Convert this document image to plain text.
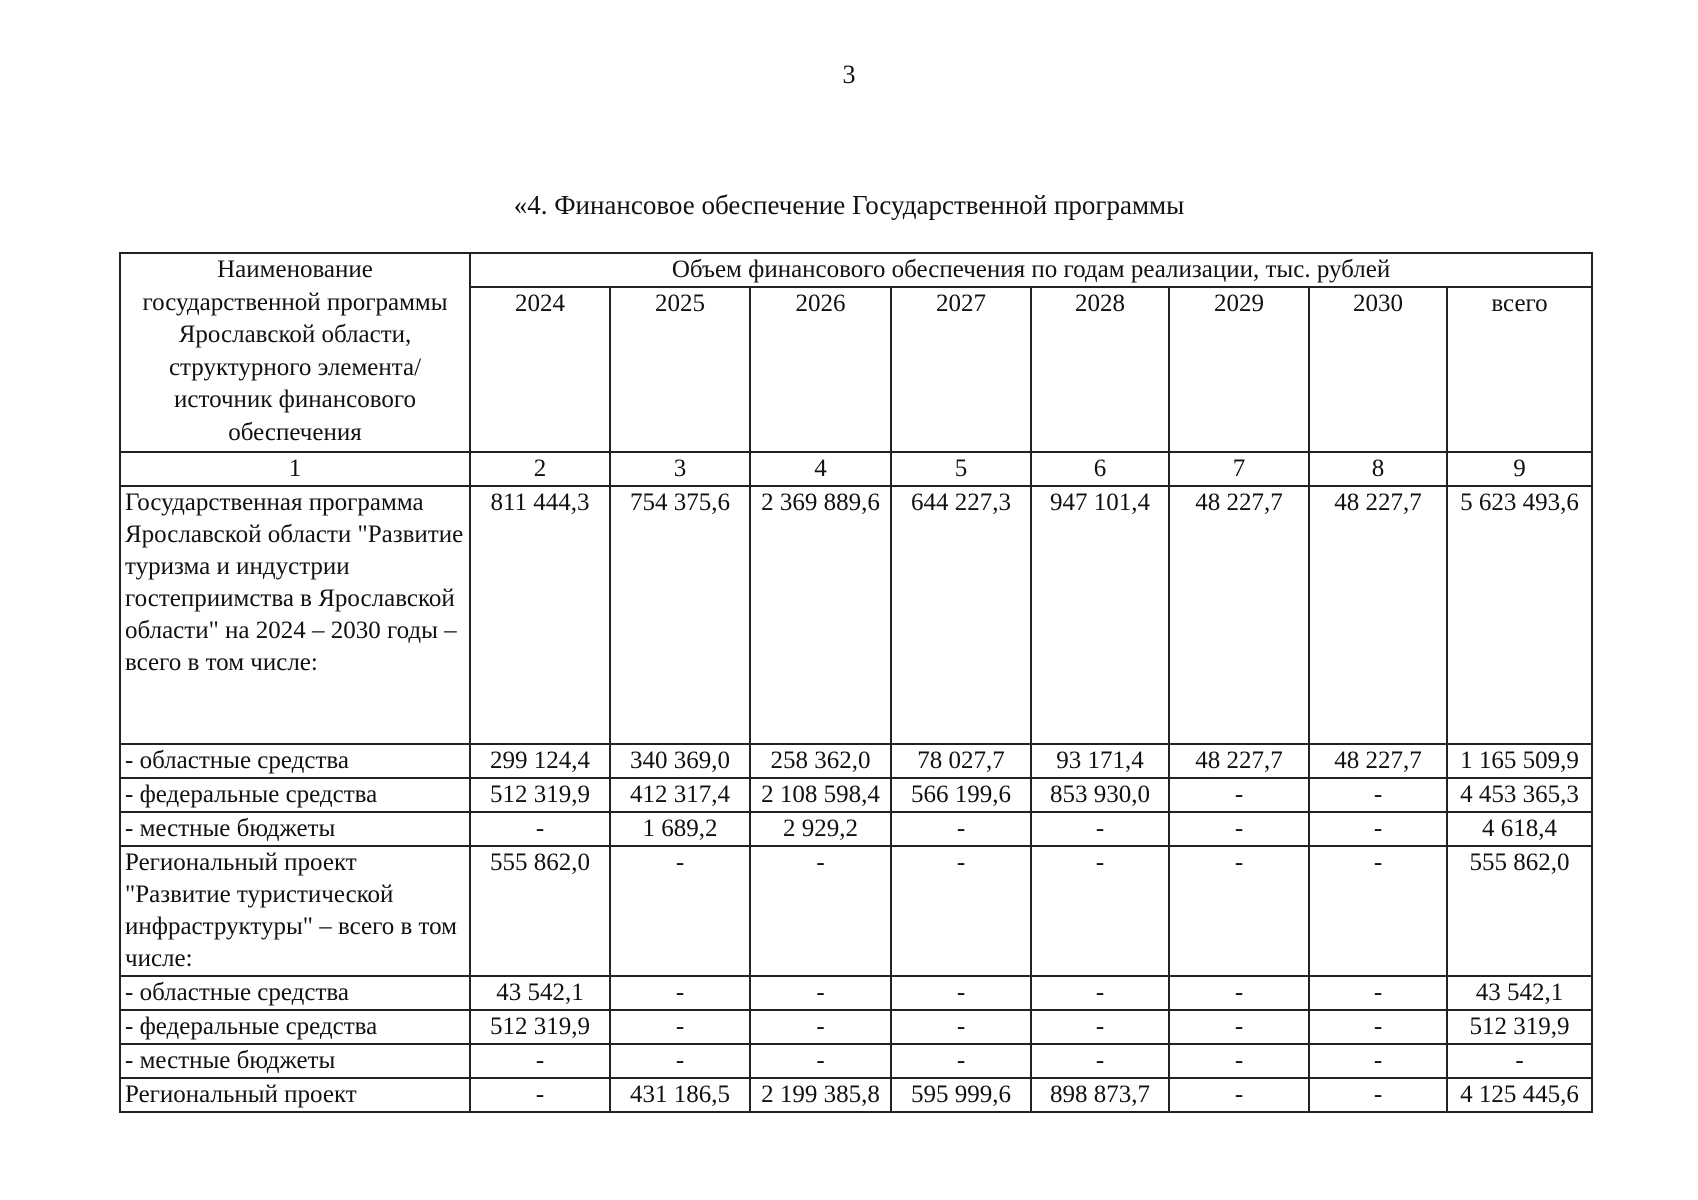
3
«4. Финансовое обеспечение Государственной программы
Наименование государственной программы Ярославской области, структурного элемента/ источник финансового обеспечения	Объем финансового обеспечения по годам реализации, тыс. рублей							
	2024	2025	2026	2027	2028	2029	2030	всего
1	2	3	4	5	6	7	8	9
Государственная программа Ярославской области "Развитие туризма и индустрии гостеприимства в Ярославской области" на 2024 – 2030 годы – всего в том числе:	811 444,3	754 375,6	2 369 889,6	644 227,3	947 101,4	48 227,7	48 227,7	5 623 493,6
- областные средства	299 124,4	340 369,0	258 362,0	78 027,7	93 171,4	48 227,7	48 227,7	1 165 509,9
- федеральные средства	512 319,9	412 317,4	2 108 598,4	566 199,6	853 930,0	-	-	4 453 365,3
- местные бюджеты	-	1 689,2	2 929,2	-	-	-	-	4 618,4
Региональный проект "Развитие туристической инфраструктуры" – всего в том числе:	555 862,0	-	-	-	-	-	-	555 862,0
- областные средства	43 542,1	-	-	-	-	-	-	43 542,1
- федеральные средства	512 319,9	-	-	-	-	-	-	512 319,9
- местные бюджеты	-	-	-	-	-	-	-	-
Региональный проект	-	431 186,5	2 199 385,8	595 999,6	898 873,7	-	-	4 125 445,6
